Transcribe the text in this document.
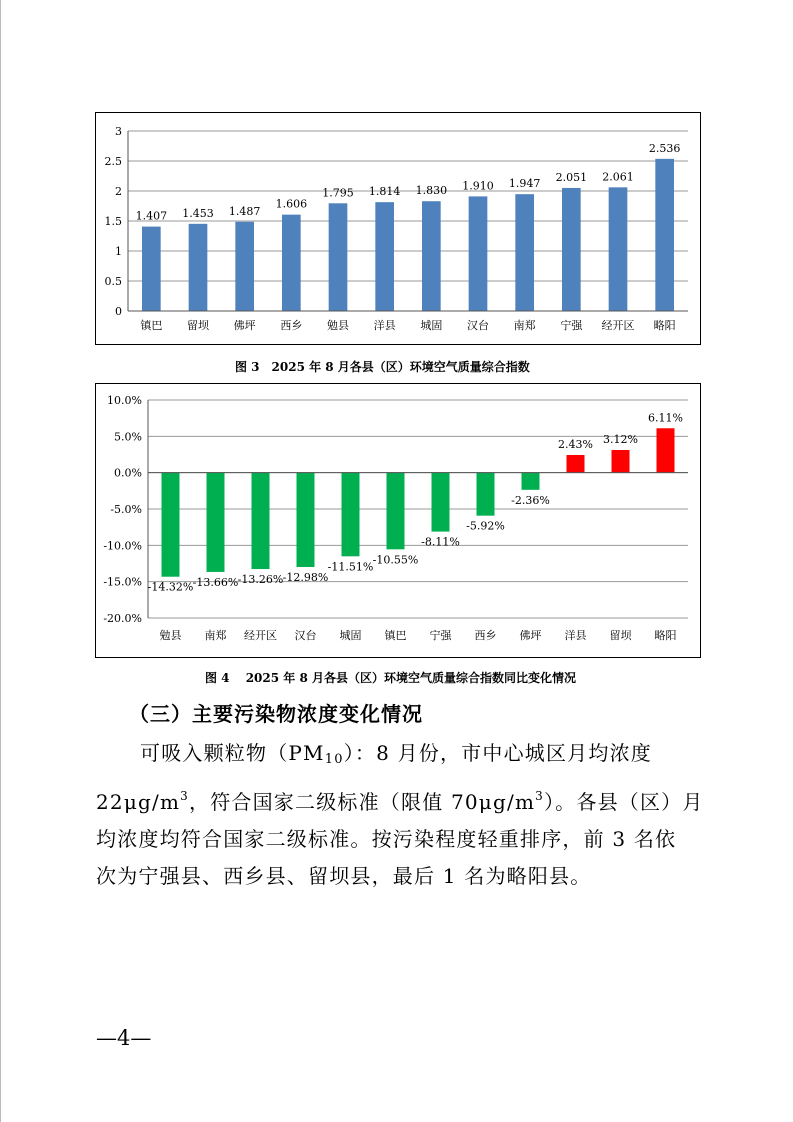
0
0.5
1
1.5
2
2.5
3
1.407
镇巴
1.453
留坝
1.487
佛坪
1.606
西乡
1.795
勉县
1.814
洋县
1.830
城固
1.910
汉台
1.947
南郑
2.051
宁强
2.061
经开区
2.536
略阳
图 3　2025 年 8 月各县（区）环境空气质量综合指数
-20.0%
-15.0%
-10.0%
-5.0%
0.0%
5.0%
10.0%
-14.32%
勉县
-13.66%
南郑
-13.26%
经开区
-12.98%
汉台
-11.51%
城固
-10.55%
镇巴
-8.11%
宁强
-5.92%
西乡
-2.36%
佛坪
2.43%
洋县
3.12%
留坝
6.11%
略阳
图 4　 2025 年 8 月各县（区）环境空气质量综合指数同比变化情况
（三）主要污染物浓度变化情况
可吸入颗粒物$(PM_{10})$：8 月份，市中心城区月均浓度
$22\mu g/m^3$，符合国家二级标准（限值 $70\mu g/m^3$）。各县（区）月
均浓度均符合国家二级标准。按污染程度轻重排序，前 3 名依
次为宁强县、西乡县、留坝县，最后 1 名为略阳县。
—4—
